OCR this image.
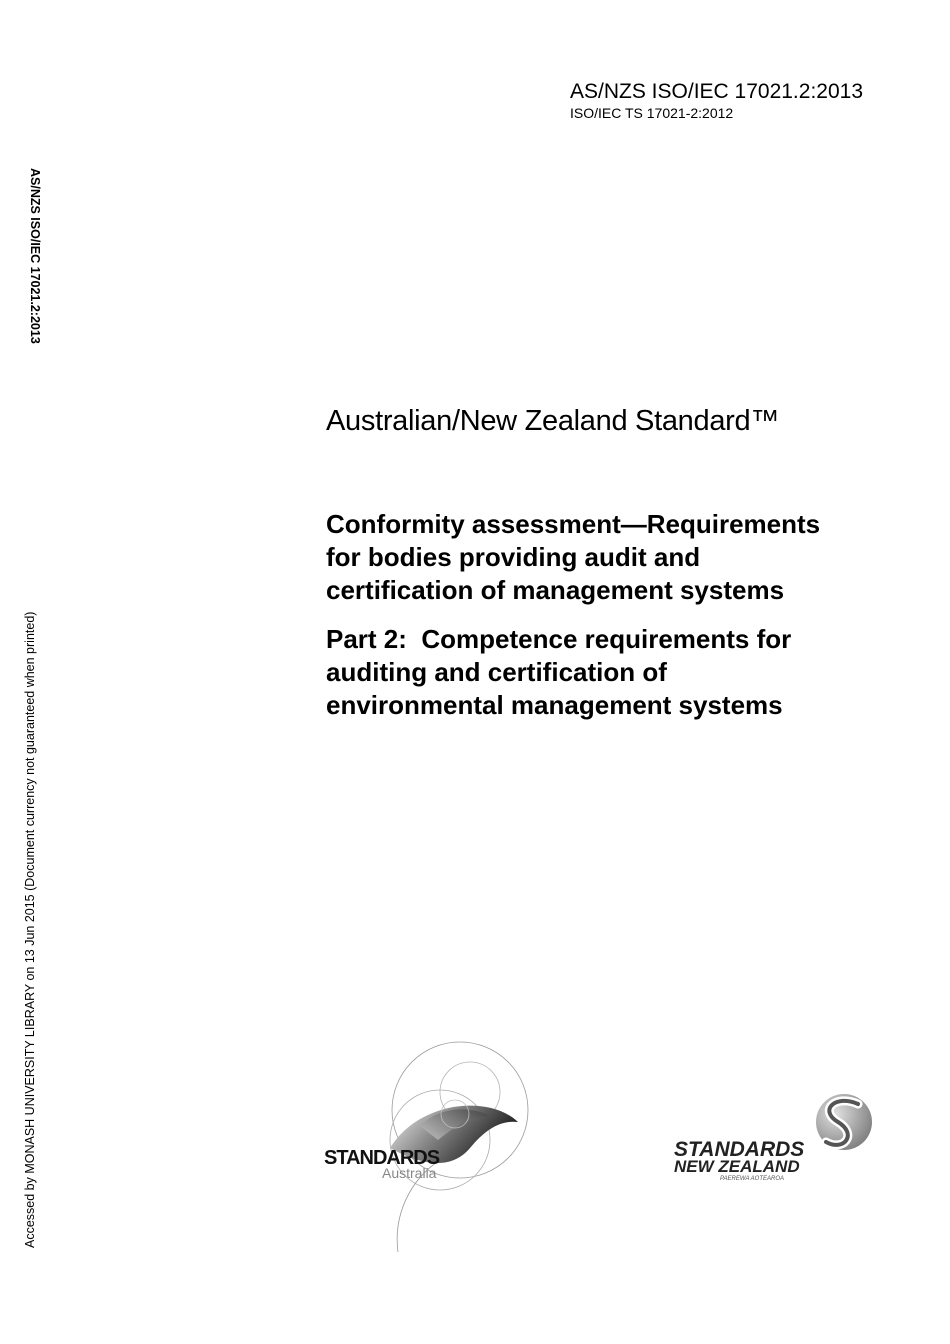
AS/NZS ISO/IEC 17021.2:2013
ISO/IEC TS 17021-2:2012
AS/NZS ISO/IEC 17021.2:2013
Accessed by MONASH UNIVERSITY LIBRARY on 13 Jun 2015 (Document currency not guaranteed when printed)
Australian/New Zealand Standard™

Conformity assessment—Requirements
for bodies providing audit and
certification of management systems

Part 2:  Competence requirements for
auditing and certification of
environmental management systems

STANDARDS
Australia
STANDARDS
NEW ZEALAND
PAEREWA AOTEAROA
